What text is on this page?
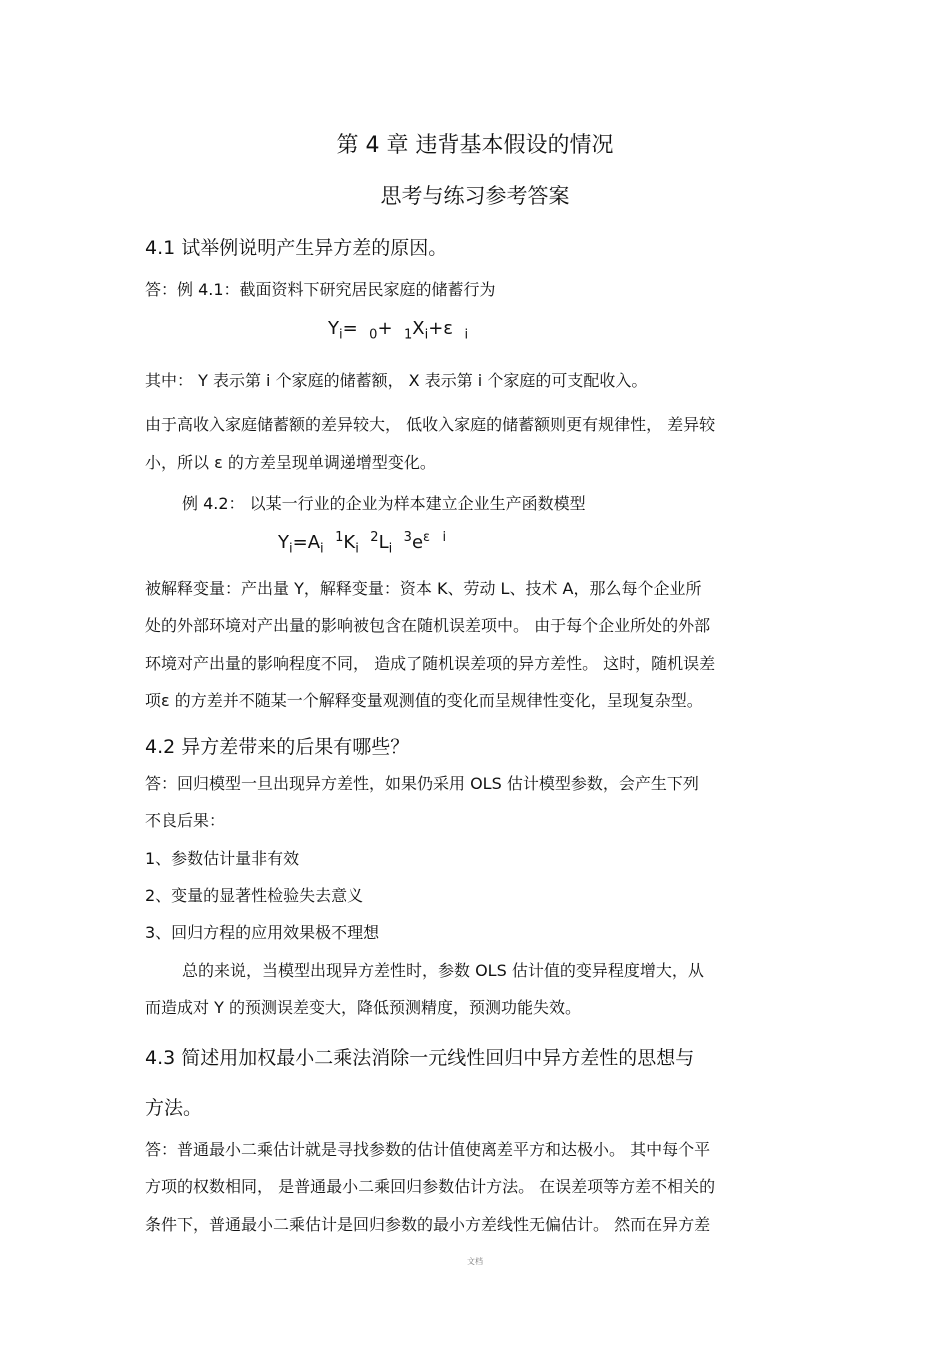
第 4 章 违背基本假设的情况
思考与练习参考答案
4.1 试举例说明产生异方差的原因。
答：例 4.1：截面资料下研究居民家庭的储蓄行为
$Y_i= _0+ _1X_i+\varepsilon$  $_i$
其中： Y 表示第 i 个家庭的储蓄额， X 表示第 i 个家庭的可支配收入。
由于高收入家庭储蓄额的差异较大， 低收入家庭的储蓄额则更有规律性， 差异较
小，所以 ε 的方差呈现单调递增型变化。
例 4.2： 以某一行业的企业为样本建立企业生产函数模型
$Y_i=A_i$  $^1K_i$  $^2L_i$  $^3e^{\varepsilon i}$
被解释变量：产出量 Y，解释变量：资本 K、劳动 L、技术 A，那么每个企业所
处的外部环境对产出量的影响被包含在随机误差项中。 由于每个企业所处的外部
环境对产出量的影响程度不同， 造成了随机误差项的异方差性。 这时，随机误差
项ε 的方差并不随某一个解释变量观测值的变化而呈规律性变化，呈现复杂型。
4.2 异方差带来的后果有哪些？
答：回归模型一旦出现异方差性，如果仍采用 OLS 估计模型参数，会产生下列
不良后果：
1、参数估计量非有效
2、变量的显著性检验失去意义
3、回归方程的应用效果极不理想
总的来说，当模型出现异方差性时，参数 OLS 估计值的变异程度增大，从
而造成对 Y 的预测误差变大，降低预测精度，预测功能失效。
4.3 简述用加权最小二乘法消除一元线性回归中异方差性的思想与
方法。
答：普通最小二乘估计就是寻找参数的估计值使离差平方和达极小。 其中每个平
方项的权数相同， 是普通最小二乘回归参数估计方法。 在误差项等方差不相关的
条件下，普通最小二乘估计是回归参数的最小方差线性无偏估计。 然而在异方差
文档
